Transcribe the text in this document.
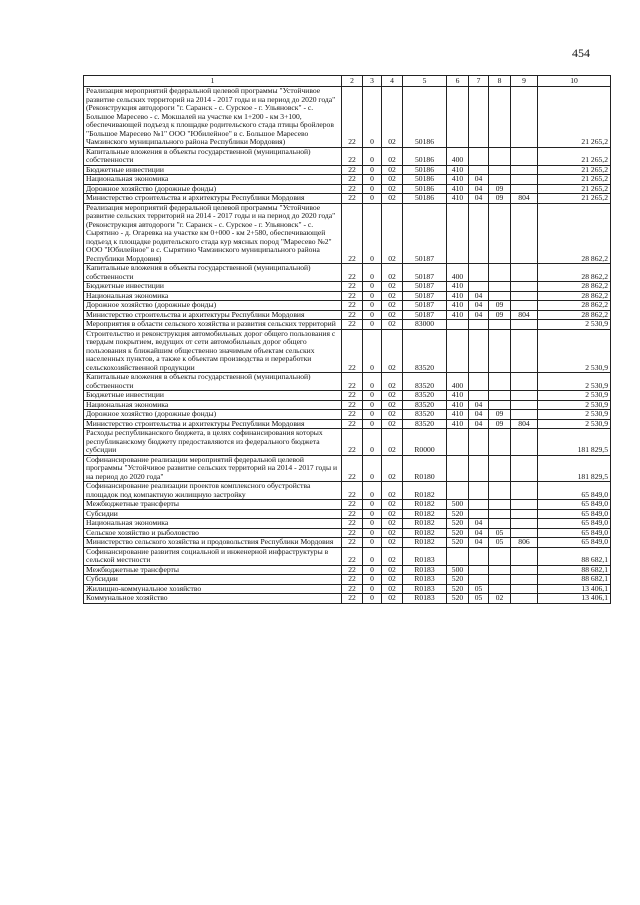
454
1	2	3	4	5	6	7	8	9	10
Реализация мероприятий федеральной целевой программы "Устойчивое развитие сельских территорий на 2014 - 2017 годы и на период до 2020 года" (Реконструкция автодороги "г. Саранск - с. Сурское - г. Ульяновск" - с. Большое Маресево - с. Мокшалей на участке км 1+200 - км 3+100, обеспечивающей подъезд к площадке родительского стада птицы бройлеров "Большое Маресево №1" ООО "Юбилейное" в с. Большое Маресево Чамзинского муниципального района Республики Мордовия)	22	0	02	50186					21 265,2
Капитальные вложения в объекты государственной (муниципальной) собственности	22	0	02	50186	400				21 265,2
Бюджетные инвестиции	22	0	02	50186	410				21 265,2
Национальная экономика	22	0	02	50186	410	04			21 265,2
Дорожное хозяйство (дорожные фонды)	22	0	02	50186	410	04	09		21 265,2
Министерство строительства и архитектуры Республики Мордовия	22	0	02	50186	410	04	09	804	21 265,2
Реализация мероприятий федеральной целевой программы "Устойчивое развитие сельских территорий на 2014 - 2017 годы и на период до 2020 года" (Реконструкция автодороги "г. Саранск - с. Сурское - г. Ульяновск" - с. Сырятино - д. Огаревка на участке км 0+000 - км 2+580, обеспечивающей подъезд к площадке родительского стада кур мясных пород "Маресево №2" ООО "Юбилейное" в с. Сырятино Чамзинского муниципального района Республики Мордовия)	22	0	02	50187					28 862,2
Капитальные вложения в объекты государственной (муниципальной) собственности	22	0	02	50187	400				28 862,2
Бюджетные инвестиции	22	0	02	50187	410				28 862,2
Национальная экономика	22	0	02	50187	410	04			28 862,2
Дорожное хозяйство (дорожные фонды)	22	0	02	50187	410	04	09		28 862,2
Министерство строительства и архитектуры Республики Мордовия	22	0	02	50187	410	04	09	804	28 862,2
Мероприятия в области сельского хозяйства и развития сельских территорий	22	0	02	83000					2 530,9
Строительство и реконструкция автомобильных дорог общего пользования с твердым покрытием, ведущих от сети автомобильных дорог общего пользования к ближайшим общественно значимым объектам сельских населенных пунктов, а также к объектам производства и переработки сельскохозяйственной продукции	22	0	02	83520					2 530,9
Капитальные вложения в объекты государственной (муниципальной) собственности	22	0	02	83520	400				2 530,9
Бюджетные инвестиции	22	0	02	83520	410				2 530,9
Национальная экономика	22	0	02	83520	410	04			2 530,9
Дорожное хозяйство (дорожные фонды)	22	0	02	83520	410	04	09		2 530,9
Министерство строительства и архитектуры Республики Мордовия	22	0	02	83520	410	04	09	804	2 530,9
Расходы республиканского бюджета, в целях софинансирования которых республиканскому бюджету предоставляются из федерального бюджета субсидии	22	0	02	R0000					181 829,5
Софинансирование реализации мероприятий федеральной целевой программы "Устойчивое развитие сельских территорий на 2014 - 2017 годы и на период до 2020 года"	22	0	02	R0180					181 829,5
Софинансирование реализации проектов комплексного обустройства площадок под компактную жилищную застройку	22	0	02	R0182					65 849,0
Межбюджетные трансферты	22	0	02	R0182	500				65 849,0
Субсидии	22	0	02	R0182	520				65 849,0
Национальная экономика	22	0	02	R0182	520	04			65 849,0
Сельское хозяйство и рыболовство	22	0	02	R0182	520	04	05		65 849,0
Министерство сельского хозяйства и продовольствия Республики Мордовия	22	0	02	R0182	520	04	05	806	65 849,0
Софинансирование развития социальной и инженерной инфраструктуры в сельской местности	22	0	02	R0183					88 682,1
Межбюджетные трансферты	22	0	02	R0183	500				88 682,1
Субсидии	22	0	02	R0183	520				88 682,1
Жилищно-коммунальное хозяйство	22	0	02	R0183	520	05			13 406,1
Коммунальное хозяйство	22	0	02	R0183	520	05	02		13 406,1
